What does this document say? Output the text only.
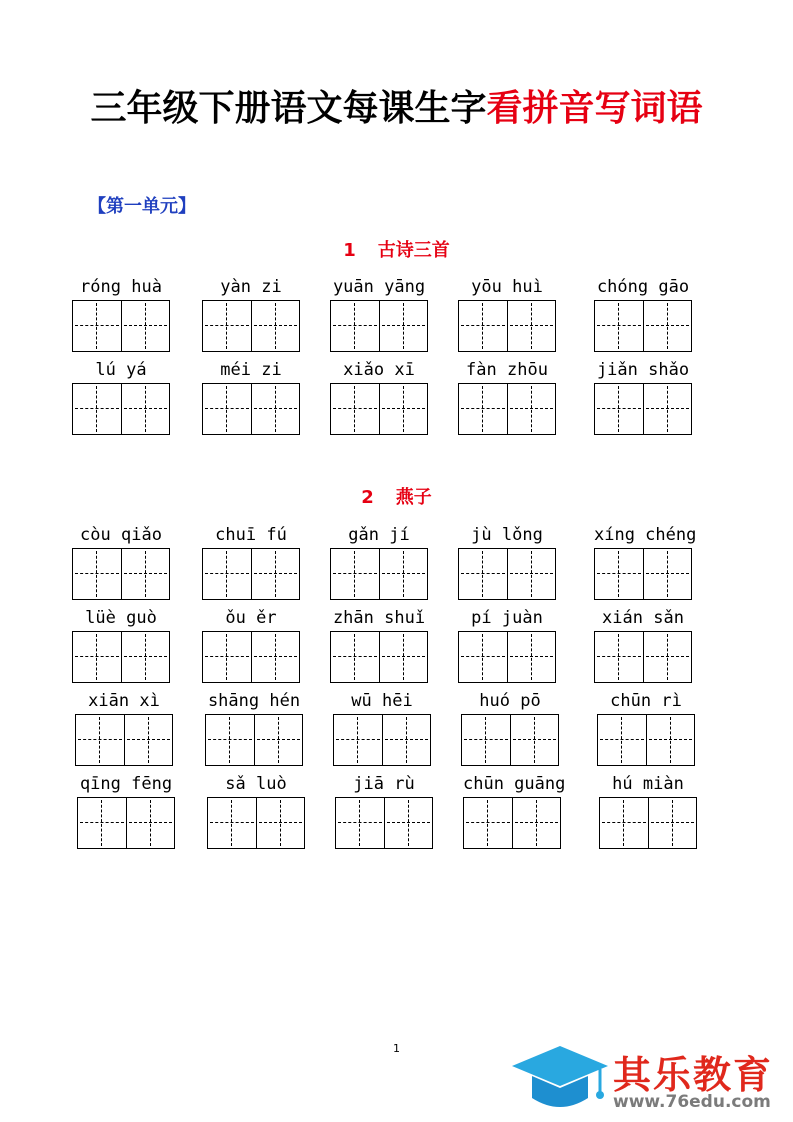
三年级下册语文每课生字看拼音写词语
【第一单元】
1 古诗三首
2 燕子
róng huà	yàn zi	yuān yāng	yōu huì	chóng gāo
lú yá	méi zi	xiǎo xī	fàn zhōu	jiǎn shǎo
còu qiǎo	chuī fú	gǎn jí	jù lǒng	xíng chéng
lüè guò	ǒu ěr	zhān shuǐ	pí juàn	xián sǎn
xiān xì	shāng hén	wū hēi	huó pō	chūn rì
qīng fēng	sǎ luò	jiā rù	chūn guāng	hú miàn
1
其乐教育
www.76edu.com
